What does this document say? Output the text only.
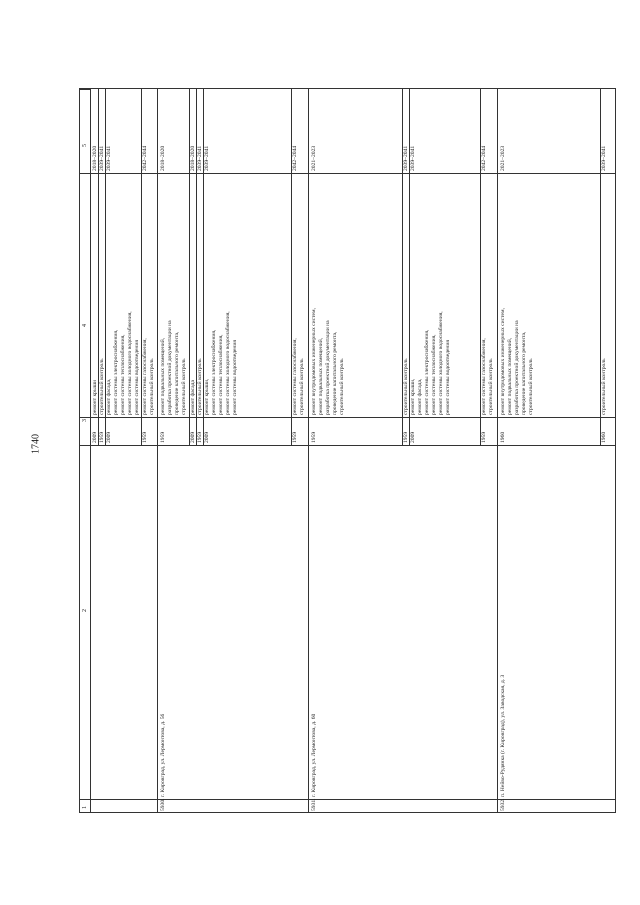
1740
1
2
3
4
5
2009
ремонт крыши
2018–2020
1959
строительный контроль
2039–2041
2009
ремонт фасада, ремонт системы электроснабжения, ремонт системы теплоснабжения, ремонт системы холодного водоснабжения, ремонт системы водоотведения
2039–2041
1959
ремонт системы газоснабжения, строительный контроль
2042–2044
5930.
г. Кировград, ул. Лермонтова, д. 56
1959
ремонт подвальных помещений, разработка проектной документации на проведение капитального ремонта, строительный контроль
2018–2020
2009
ремонт фасада
2018–2020
1959
строительный контроль
2039–2041
2009
ремонт крыши, ремонт системы электроснабжения, ремонт системы теплоснабжения, ремонт системы холодного водоснабжения, ремонт системы водоотведения
2039–2041
1959
ремонт системы газоснабжения, строительный контроль
2042–2044
5931.
г. Кировград, ул. Лермонтова, д. 60
1959
ремонт внутридомовых инженерных систем, ремонт подвальных помещений, разработка проектной документации на проведение капитального ремонта, строительный контроль
2021–2023
1959
строительный контроль
2039–2041
2009
ремонт крыши, ремонт фасада, ремонт системы электроснабжения, ремонт системы теплоснабжения, ремонт системы холодного водоснабжения, ремонт системы водоотведения
2039–2041
1959
ремонт системы газоснабжения, строительный контроль
2042–2044
5932.
п. Нейво-Рудянка (г. Кировград), ул. Заводская, д. 3
1960
ремонт внутридомовых инженерных систем, ремонт подвальных помещений, разработка проектной документации на проведение капитального ремонта, строительный контроль
2021–2023
1960
строительный контроль
2039–2041
